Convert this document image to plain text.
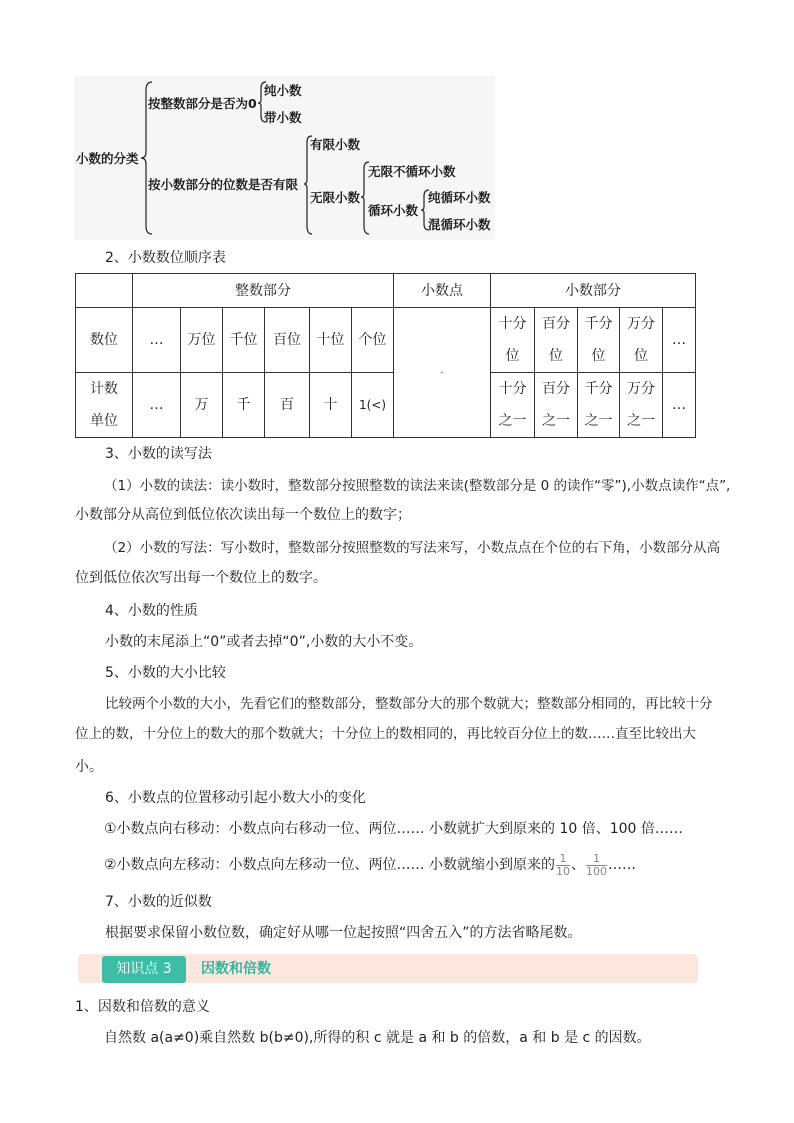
小数的分类
按整数部分是否为0
纯小数
带小数
按小数部分的位数是否有限
有限小数
无限小数
无限不循环小数
循环小数
纯循环小数
混循环小数
2、小数数位顺序表
	整数部分						小数点	小数部分				
数位	…	万位	千位	百位	十位	个位	·	十分位	百分位	千分位	万分位	…
计数单位	…	万	千	百	十	1(<)		十分之一	百分之一	千分之一	万分之一	…
3、小数的读写法
（1）小数的读法：读小数时，整数部分按照整数的读法来读(整数部分是 0 的读作“零”),小数点读作“点”,
小数部分从高位到低位依次读出每一个数位上的数字；
（2）小数的写法：写小数时，整数部分按照整数的写法来写，小数点点在个位的右下角，小数部分从高
位到低位依次写出每一个数位上的数字。
4、小数的性质
小数的末尾添上“0”或者去掉“0”,小数的大小不变。
5、小数的大小比较
比较两个小数的大小，先看它们的整数部分，整数部分大的那个数就大；整数部分相同的，再比较十分
位上的数，十分位上的数大的那个数就大；十分位上的数相同的，再比较百分位上的数……直至比较出大
小。
6、小数点的位置移动引起小数大小的变化
①小数点向右移动：小数点向右移动一位、两位…… 小数就扩大到原来的 10 倍、100 倍……
②小数点向左移动：小数点向左移动一位、两位…… 小数就缩小到原来的 $\frac{1}{10}$ 、 $\frac{1}{100}$ ……
7、小数的近似数
根据要求保留小数位数，确定好从哪一位起按照“四舍五入”的方法省略尾数。
知识点 3	因数和倍数
1、因数和倍数的意义
自然数 a(a≠0)乘自然数 b(b≠0),所得的积 c 就是 a 和 b 的倍数，a 和 b 是 c 的因数。
